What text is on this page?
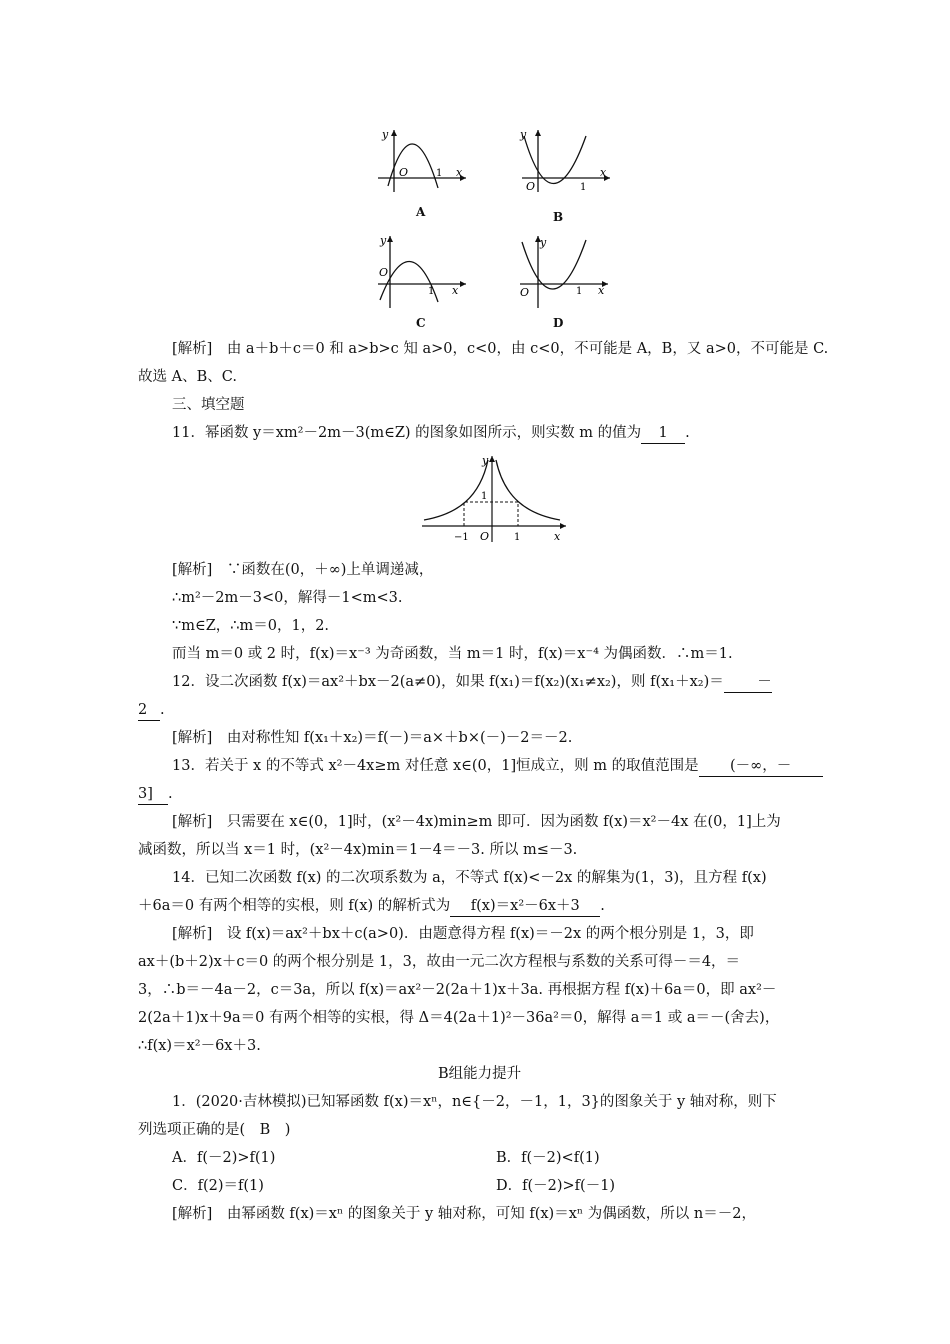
y
O	1 x
A
y
O	1
x
B
y
O
1 x
C
y
O	1 x
D
[解析]　由 a＋b＋c＝0 和 a>b>c 知 a>0，c<0，由 c<0，不可能是 A，B，又 a>0，不可能是 C.
故选 A、B、C.
三、填空题
11．幂函数 y＝xm²－2m－3(m∈Z) 的图象如图所示，则实数 m 的值为 1 .
y
1
−1 O 1	x
[解析]　∵函数在(0，＋∞)上单调递减，
∴m²－2m－3<0，解得－1<m<3.
∵m∈Z，∴m＝0，1，2.
而当 m＝0 或 2 时，f(x)＝x⁻³ 为奇函数，当 m＝1 时，f(x)＝x⁻⁴ 为偶函数．∴m＝1.
12．设二次函数 f(x)＝ax²＋bx－2(a≠0)，如果 f(x₁)＝f(x₂)(x₁≠x₂)，则 f(x₁＋x₂)＝ －
2 .
[解析]　由对称性知 f(x₁＋x₂)＝f(－)＝a×＋b×(－)－2＝－2.
13．若关于 x 的不等式 x²－4x≥m 对任意 x∈(0，1]恒成立，则 m 的取值范围是 (－∞，－
3] .
[解析]　只需要在 x∈(0，1]时，(x²－4x)min≥m 即可．因为函数 f(x)＝x²－4x 在(0，1]上为
减函数，所以当 x＝1 时，(x²－4x)min＝1－4＝－3. 所以 m≤－3.
14．已知二次函数 f(x) 的二次项系数为 a，不等式 f(x)<－2x 的解集为(1，3)，且方程 f(x)
＋6a＝0 有两个相等的实根，则 f(x) 的解析式为 f(x)＝x²－6x＋3 .
[解析]　设 f(x)＝ax²＋bx＋c(a>0)．由题意得方程 f(x)＝－2x 的两个根分别是 1，3，即
ax＋(b＋2)x＋c＝0 的两个根分别是 1，3，故由一元二次方程根与系数的关系可得－＝4，＝
3，∴b＝－4a－2，c＝3a，所以 f(x)＝ax²－2(2a＋1)x＋3a. 再根据方程 f(x)＋6a＝0，即 ax²－
2(2a＋1)x＋9a＝0 有两个相等的实根，得 Δ＝4(2a＋1)²－36a²＝0，解得 a＝1 或 a＝－(舍去)，
∴f(x)＝x²－6x＋3.
B组能力提升
1．(2020·吉林模拟)已知幂函数 f(x)＝xⁿ，n∈{－2，－1，1，3}的图象关于 y 轴对称，则下
列选项正确的是(　B　)
A．f(－2)>f(1)	B．f(－2)<f(1)
C．f(2)＝f(1)	D．f(－2)>f(－1)
[解析]　由幂函数 f(x)＝xⁿ 的图象关于 y 轴对称，可知 f(x)＝xⁿ 为偶函数，所以 n＝－2，
